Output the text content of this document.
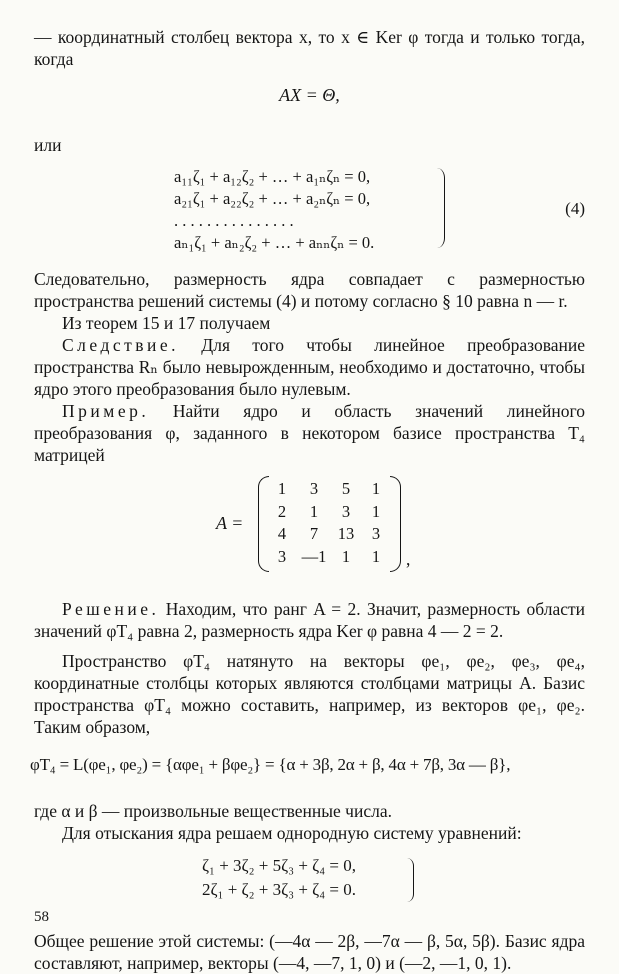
— координатный столбец вектора x, то x ∈ Ker φ тогда и только тогда, когда

AX = Θ,

или

a₁₁ζ₁ + a₁₂ζ₂ + … + a₁ₙζₙ = 0,
a₂₁ζ₁ + a₂₂ζ₂ + … + a₂ₙζₙ = 0,
. . . . . . . . . . . . . . .
aₙ₁ζ₁ + aₙ₂ζ₂ + … + aₙₙζₙ = 0.
(4)

Следовательно, размерность ядра совпадает с размерностью пространства решений системы (4) и потому согласно § 10 равна n — r.

Из теорем 15 и 17 получаем

Следствие. Для того чтобы линейное преобразование пространства Rₙ было невырожденным, необходимо и достаточно, чтобы ядро этого преобразования было нулевым.

Пример. Найти ядро и область значений линейного преобразования φ, заданного в некотором базисе пространства T₄ матрицей

A =
1	3	5	1
2	1	3	1
4	7	13	3
3	—1	1	1 ,

Решение. Находим, что ранг A = 2. Значит, размерность области значений φT₄ равна 2, размерность ядра Ker φ равна 4 — 2 = 2.

Пространство φT₄ натянуто на векторы φe₁, φe₂, φe₃, φe₄, координатные столбцы которых являются столбцами матрицы A. Базис пространства φT₄ можно составить, например, из векторов φe₁, φe₂. Таким образом,

φT₄ = L(φe₁, φe₂) = {αφe₁ + βφe₂} = {α + 3β, 2α + β, 4α + 7β, 3α — β},

где α и β — произвольные вещественные числа.

Для отыскания ядра решаем однородную систему уравнений:

ζ₁ + 3ζ₂ + 5ζ₃ + ζ₄ = 0,
2ζ₁ + ζ₂ + 3ζ₃ + ζ₄ = 0.

Общее решение этой системы: (—4α — 2β, —7α — β, 5α, 5β). Базис ядра составляют, например, векторы (—4, —7, 1, 0) и (—2, —1, 0, 1).

58
